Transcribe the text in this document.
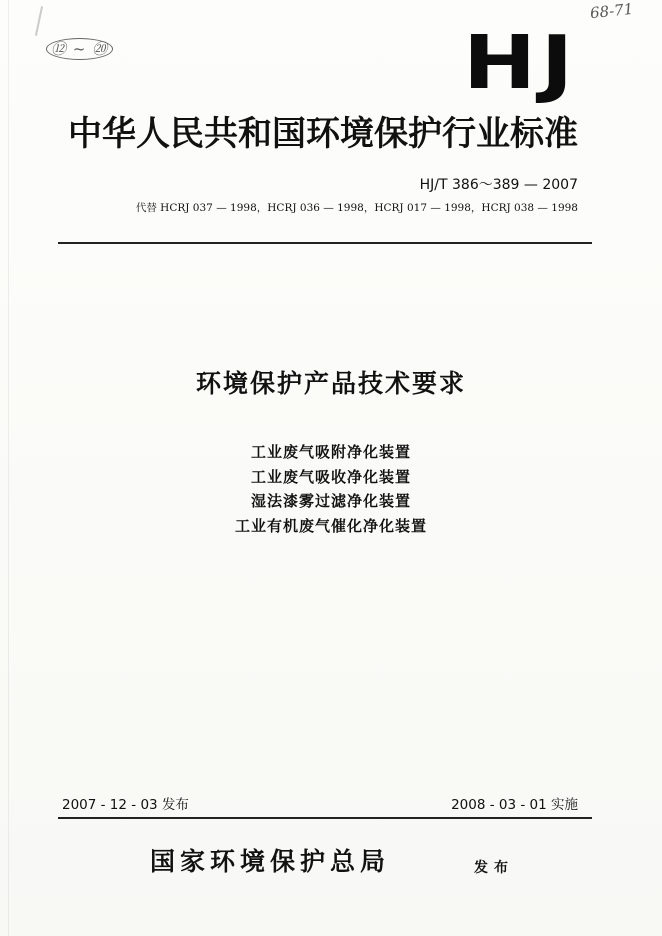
⑫ ~ ⑳
68-71
HJ
中华人民共和国环境保护行业标准
HJ/T 386～389 — 2007
代替 HCRJ 037 — 1998，HCRJ 036 — 1998，HCRJ 017 — 1998，HCRJ 038 — 1998
环境保护产品技术要求
工业废气吸附净化装置
工业废气吸收净化装置
湿法漆雾过滤净化装置
工业有机废气催化净化装置
2007 - 12 - 03 发布	2008 - 03 - 01 实施
国家环境保护总局	发布
